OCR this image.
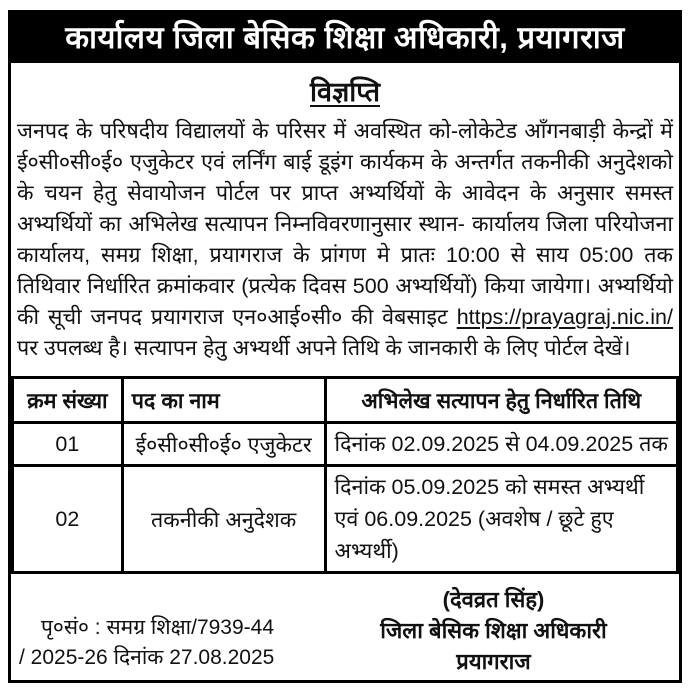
कार्यालय जिला बेसिक शिक्षा अधिकारी, प्रयागराज
विज्ञप्ति
जनपद के परिषदीय विद्यालयों के परिसर में अवस्थित को-लोकेटेड आँगनबाड़ी केन्द्रों में ई०सी०सी०ई० एजुकेटर एवं लर्निंग बाई डूइंग कार्यकम के अन्तर्गत तकनीकी अनुदेशको के चयन हेतु सेवायोजन पोर्टल पर प्राप्त अभ्यर्थियों के आवेदन के अनुसार समस्त अभ्यर्थियों का अभिलेख सत्यापन निम्नविवरणानुसार स्थान- कार्यालय जिला परियोजना कार्यालय, समग्र शिक्षा, प्रयागराज के प्रांगण मे प्रातः 10:00 से साय 05:00 तक तिथिवार निर्धारित क्रमांकवार (प्रत्येक दिवस 500 अभ्यर्थियों) किया जायेगा। अभ्यर्थियो की सूची जनपद प्रयागराज एन०आई०सी० की वेबसाइट https://prayagraj.nic.in/ पर उपलब्ध है। सत्यापन हेतु अभ्यर्थी अपने तिथि के जानकारी के लिए पोर्टल देखें।
क्रम संख्या	पद का नाम	अभिलेख सत्यापन हेतु निर्धारित तिथि
01	ई०सी०सी०ई० एजुकेटर	दिनांक 02.09.2025 से 04.09.2025 तक
02	तकनीकी अनुदेशक	दिनांक 05.09.2025 को समस्त अभ्यर्थी एवं 06.09.2025 (अवशेष / छूटे हुए अभ्यर्थी)
पृ०सं० : समग्र शिक्षा/7939-44
/ 2025-26 दिनांक 27.08.2025
(देवव्रत सिंह)
जिला बेसिक शिक्षा अधिकारी
प्रयागराज
